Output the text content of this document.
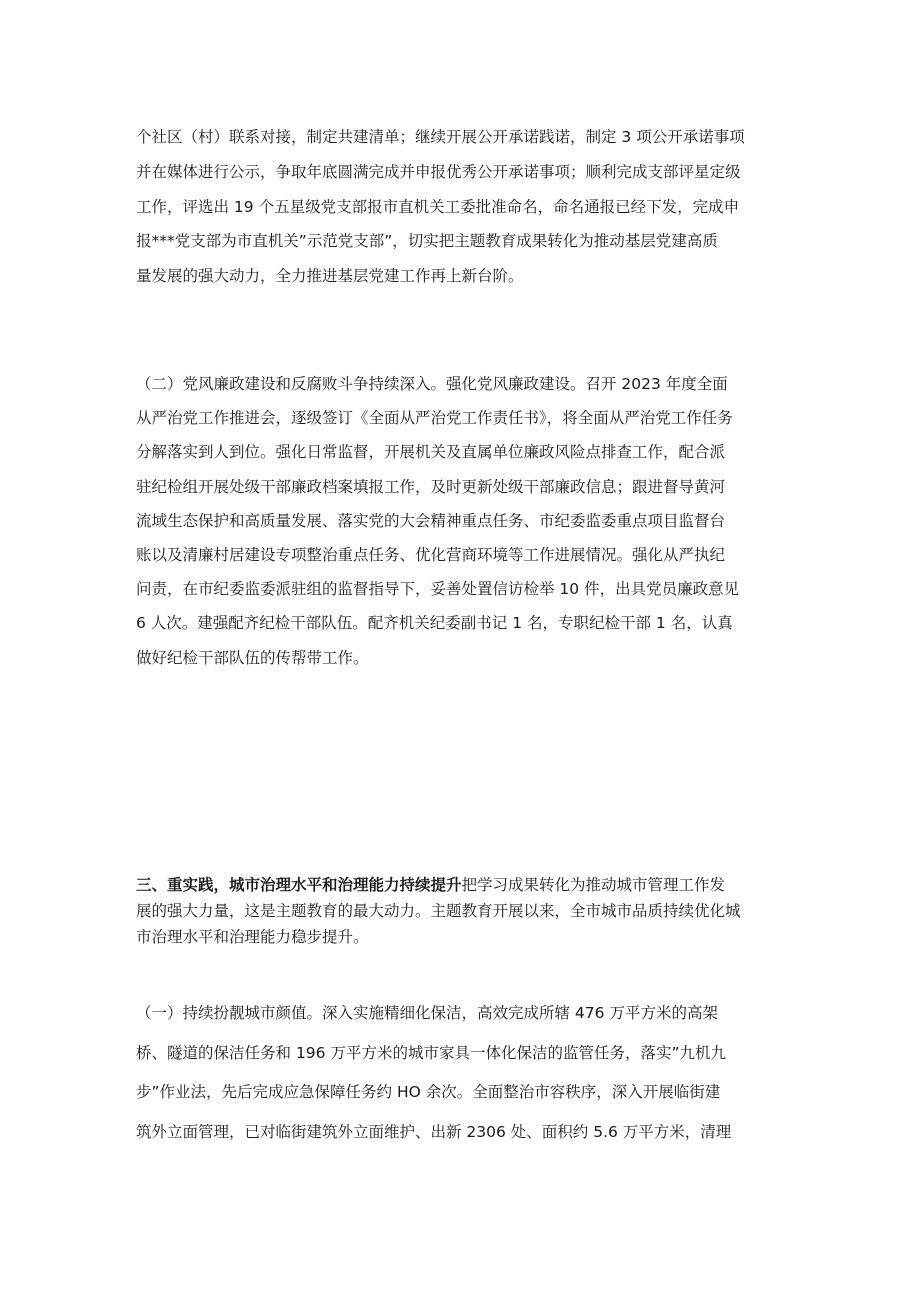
个社区（村）联系对接，制定共建清单；继续开展公开承诺践诺，制定 3 项公开承诺事项
并在媒体进行公示，争取年底圆满完成并申报优秀公开承诺事项；顺利完成支部评星定级
工作，评选出 19 个五星级党支部报市直机关工委批准命名，命名通报已经下发，完成申
报***党支部为市直机关”示范党支部”，切实把主题教育成果转化为推动基层党建高质
量发展的强大动力，全力推进基层党建工作再上新台阶。

（二）党风廉政建设和反腐败斗争持续深入。强化党风廉政建设。召开 2023 年度全面
从严治党工作推进会，逐级签订《全面从严治党工作责任书》，将全面从严治党工作任务
分解落实到人到位。强化日常监督，开展机关及直属单位廉政风险点排查工作，配合派
驻纪检组开展处级干部廉政档案填报工作，及时更新处级干部廉政信息；跟进督导黄河
流域生态保护和高质量发展、落实党的大会精神重点任务、市纪委监委重点项目监督台
账以及清廉村居建设专项整治重点任务、优化营商环境等工作进展情况。强化从严执纪
问责，在市纪委监委派驻组的监督指导下，妥善处置信访检举 10 件，出具党员廉政意见
6 人次。建强配齐纪检干部队伍。配齐机关纪委副书记 1 名，专职纪检干部 1 名，认真
做好纪检干部队伍的传帮带工作。

三、重实践，城市治理水平和治理能力持续提升把学习成果转化为推动城市管理工作发
展的强大力量，这是主题教育的最大动力。主题教育开展以来，全市城市品质持续优化城
市治理水平和治理能力稳步提升。

（一）持续扮靓城市颜值。深入实施精细化保洁，高效完成所辖 476 万平方米的高架
桥、隧道的保洁任务和 196 万平方米的城市家具一体化保洁的监管任务，落实”九机九
步”作业法，先后完成应急保障任务约 HO 余次。全面整治市容秩序，深入开展临街建
筑外立面管理，已对临街建筑外立面维护、出新 2306 处、面积约 5.6 万平方米，清理
